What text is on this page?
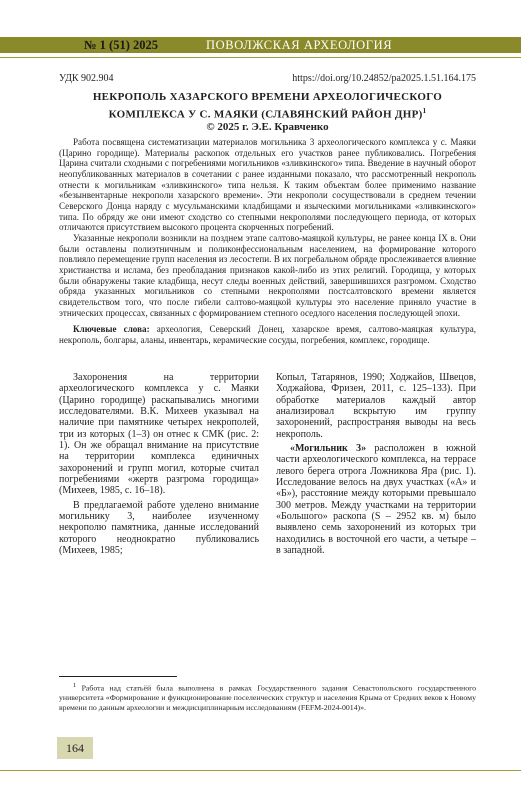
№ 1 (51) 2025	ПОВОЛЖСКАЯ АРХЕОЛОГИЯ
УДК 902.904	https://doi.org/10.24852/pa2025.1.51.164.175
НЕКРОПОЛЬ ХАЗАРСКОГО ВРЕМЕНИ АРХЕОЛОГИЧЕСКОГО КОМПЛЕКСА У С. МАЯКИ (СЛАВЯНСКИЙ РАЙОН ДНР)$^1$
© 2025 г. Э.Е. Кравченко

Работа посвящена систематизации материалов могильника 3 археологического комплекса у с. Маяки (Царино городище). Материалы раскопок отдельных его участков ранее публиковались. Погребения Царина считали сходными с погребениями могильников «зливкинского» типа. Введение в научный оборот неопубликованных материалов в сочетании с ранее изданными показало, что рассмотренный некрополь отнести к могильникам «зливкинского» типа нельзя. К таким объектам более применимо название «безынвентарные некрополи хазарского времени». Эти некрополи сосуществовали в среднем течении Северского Донца наряду с мусульманскими кладбищами и языческими могильниками «зливкинского» типа. По обряду же они имеют сходство со степными некрополями последующего периода, от которых отличаются присутствием высокого процента скорченных погребений.

Указанные некрополи возникли на позднем этапе салтово-маяцкой культуры, не ранее конца IX в. Они были оставлены полиэтничным и поликонфессиональным населением, на формирование которого повлияло перемещение групп населения из лесостепи. В их погребальном обряде прослеживается влияние христианства и ислама, без преобладания признаков какой-либо из этих религий. Городища, у которых были обнаружены такие кладбища, несут следы военных действий, завершившихся разгромом. Сходство обряда указанных могильников со степными некрополями постсалтовского времени является свидетельством того, что после гибели салтово-маяцкой культуры это население приняло участие в этнических процессах, связанных с формированием степного оседлого населения последующей эпохи.

Ключевые слова: археология, Северский Донец, хазарское время, салтово-маяцкая культура, некрополь, болгары, аланы, инвентарь, керамические сосуды, погребения, комплекс, городище.

Захоронения на территории археологического комплекса у с. Маяки (Царино городище) раскапывались многими исследователями. В.К. Михеев указывал на наличие при памятнике четырех некрополей, три из которых (1–3) он отнес к СМК (рис. 2: 1). Он же обращал внимание на присутствие на территории комплекса единичных захоронений и групп могил, которые считал погребениями «жертв разгрома городища» (Михеев, 1985, с. 16–18).

В предлагаемой работе уделено внимание могильнику 3, наиболее изученному некрополю памятника, данные исследований которого неоднократно публиковались (Михеев, 1985;

Копыл, Татарянов, 1990; Ходжайов, Швецов, Ходжайова, Фризен, 2011, с. 125–133). При обработке материалов каждый автор анализировал вскрытую им группу захоронений, распространяя выводы на весь некрополь.

«Могильник 3» расположен в южной части археологического комплекса, на террасе левого берега отрога Ложникова Яра (рис. 1). Исследование велось на двух участках («А» и «Б»), расстояние между которыми превышало 300 метров. Между участками на территории «Большого» раскопа (S – 2952 кв. м) было выявлено семь захоронений из которых три находились в восточной его части, а четыре – в западной.

$^1$ Работа над статьёй была выполнена в рамках Государственного задания Севастопольского государственного университета «Формирование и функционирование поселенческих структур и населения Крыма от Средних веков к Новому времени по данным археологии и междисциплинарным исследованиям (FEFM-2024-0014)».

164
